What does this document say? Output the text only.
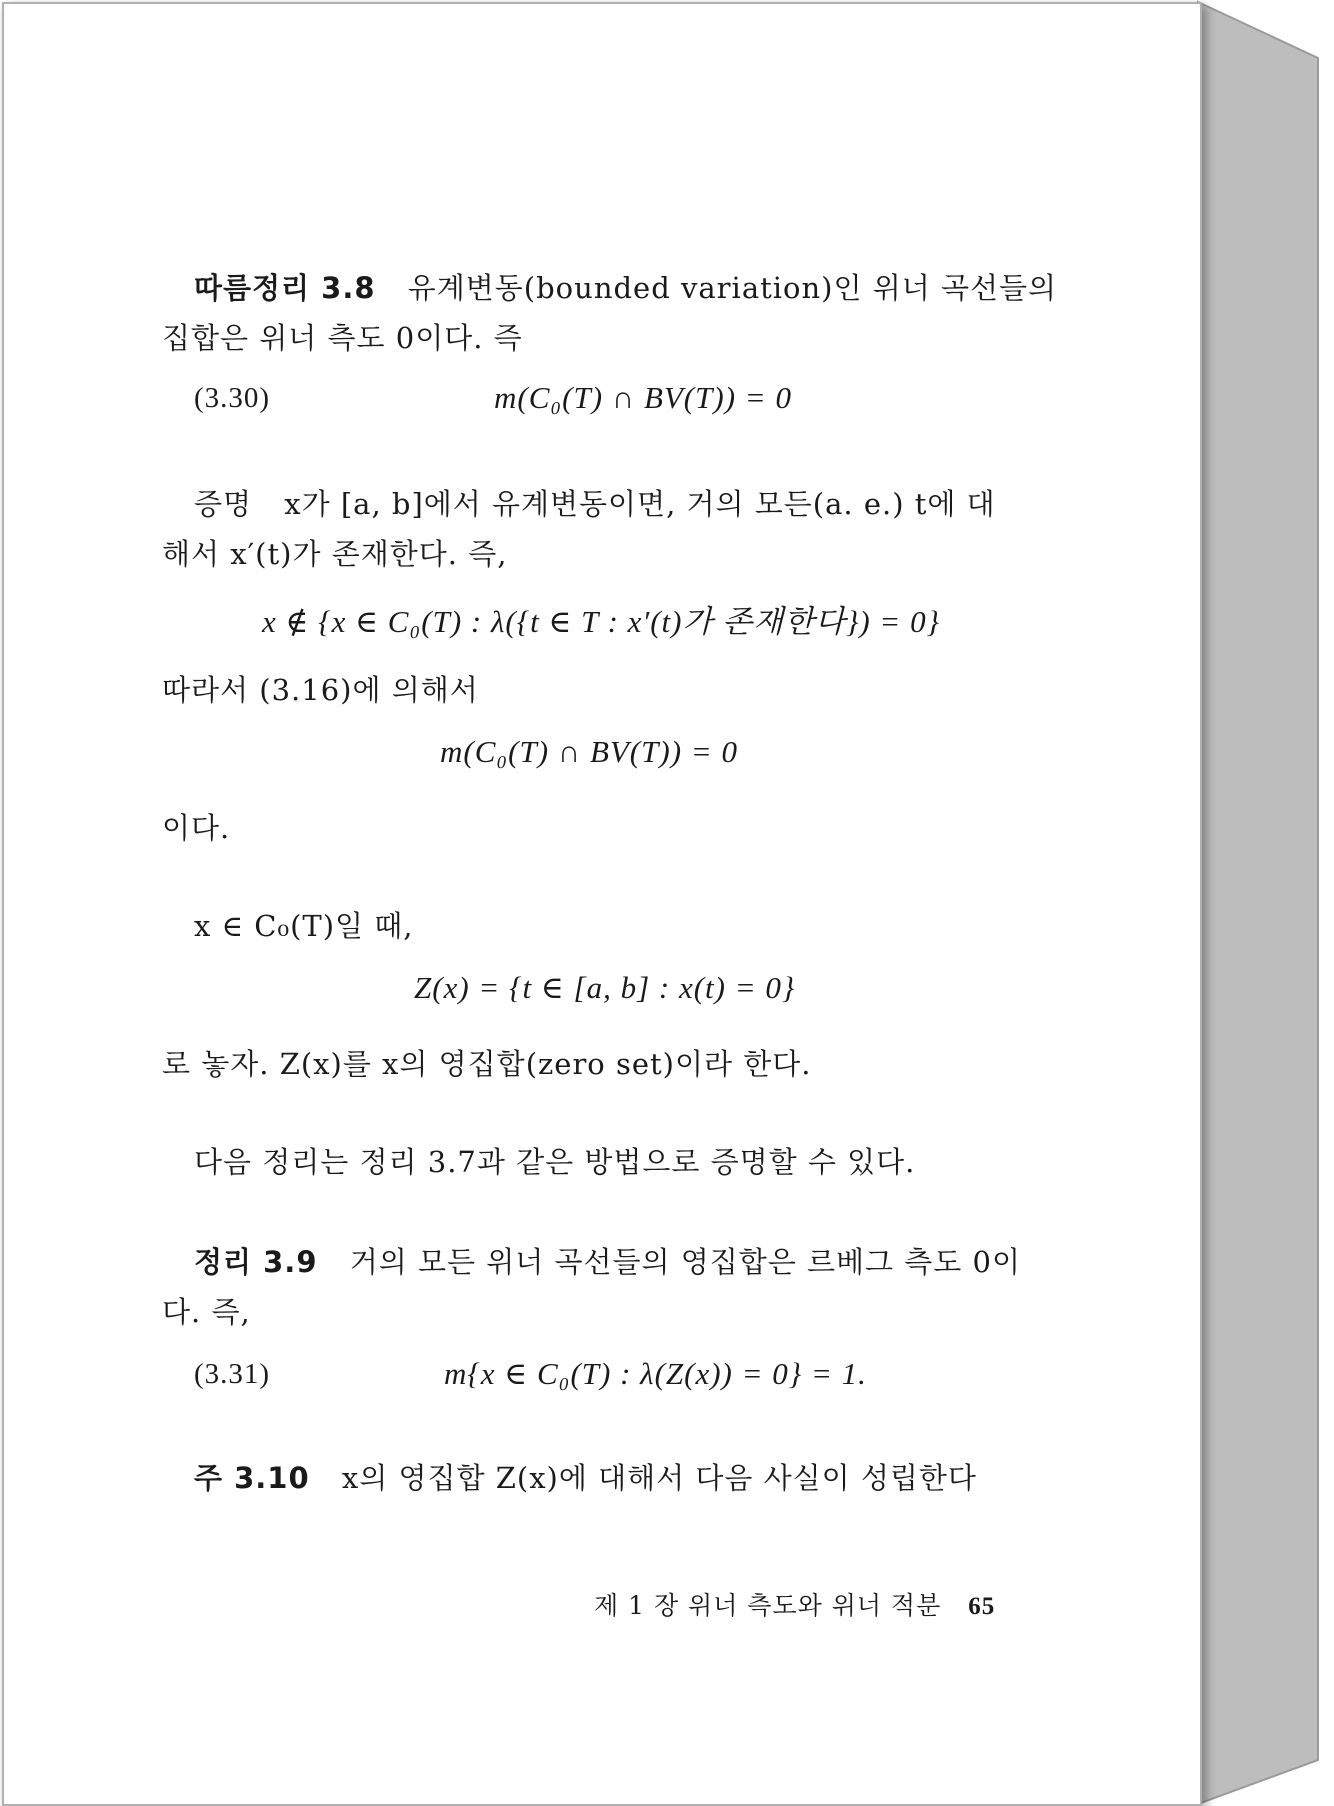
따름정리 3.8 유계변동(bounded variation)인 위너 곡선들의
집합은 위너 측도 0이다. 즉
(3.30)	m(C₀(T) ∩ BV(T)) = 0
증명 x가 [a, b]에서 유계변동이면, 거의 모든(a. e.) t에 대
해서 x′(t)가 존재한다. 즉,
x ∉ {x ∈ C₀(T) : λ({t ∈ T : x′(t)가 존재한다}) = 0}
따라서 (3.16)에 의해서
m(C₀(T) ∩ BV(T)) = 0
이다.
x ∈ C₀(T)일 때,
Z(x) = {t ∈ [a, b] : x(t) = 0}
로 놓자. Z(x)를 x의 영집합(zero set)이라 한다.
다음 정리는 정리 3.7과 같은 방법으로 증명할 수 있다.
정리 3.9 거의 모든 위너 곡선들의 영집합은 르베그 측도 0이
다. 즉,
(3.31)	m{x ∈ C₀(T) : λ(Z(x)) = 0} = 1.
주 3.10 x의 영집합 Z(x)에 대해서 다음 사실이 성립한다
제 1 장 위너 측도와 위너 적분 65
